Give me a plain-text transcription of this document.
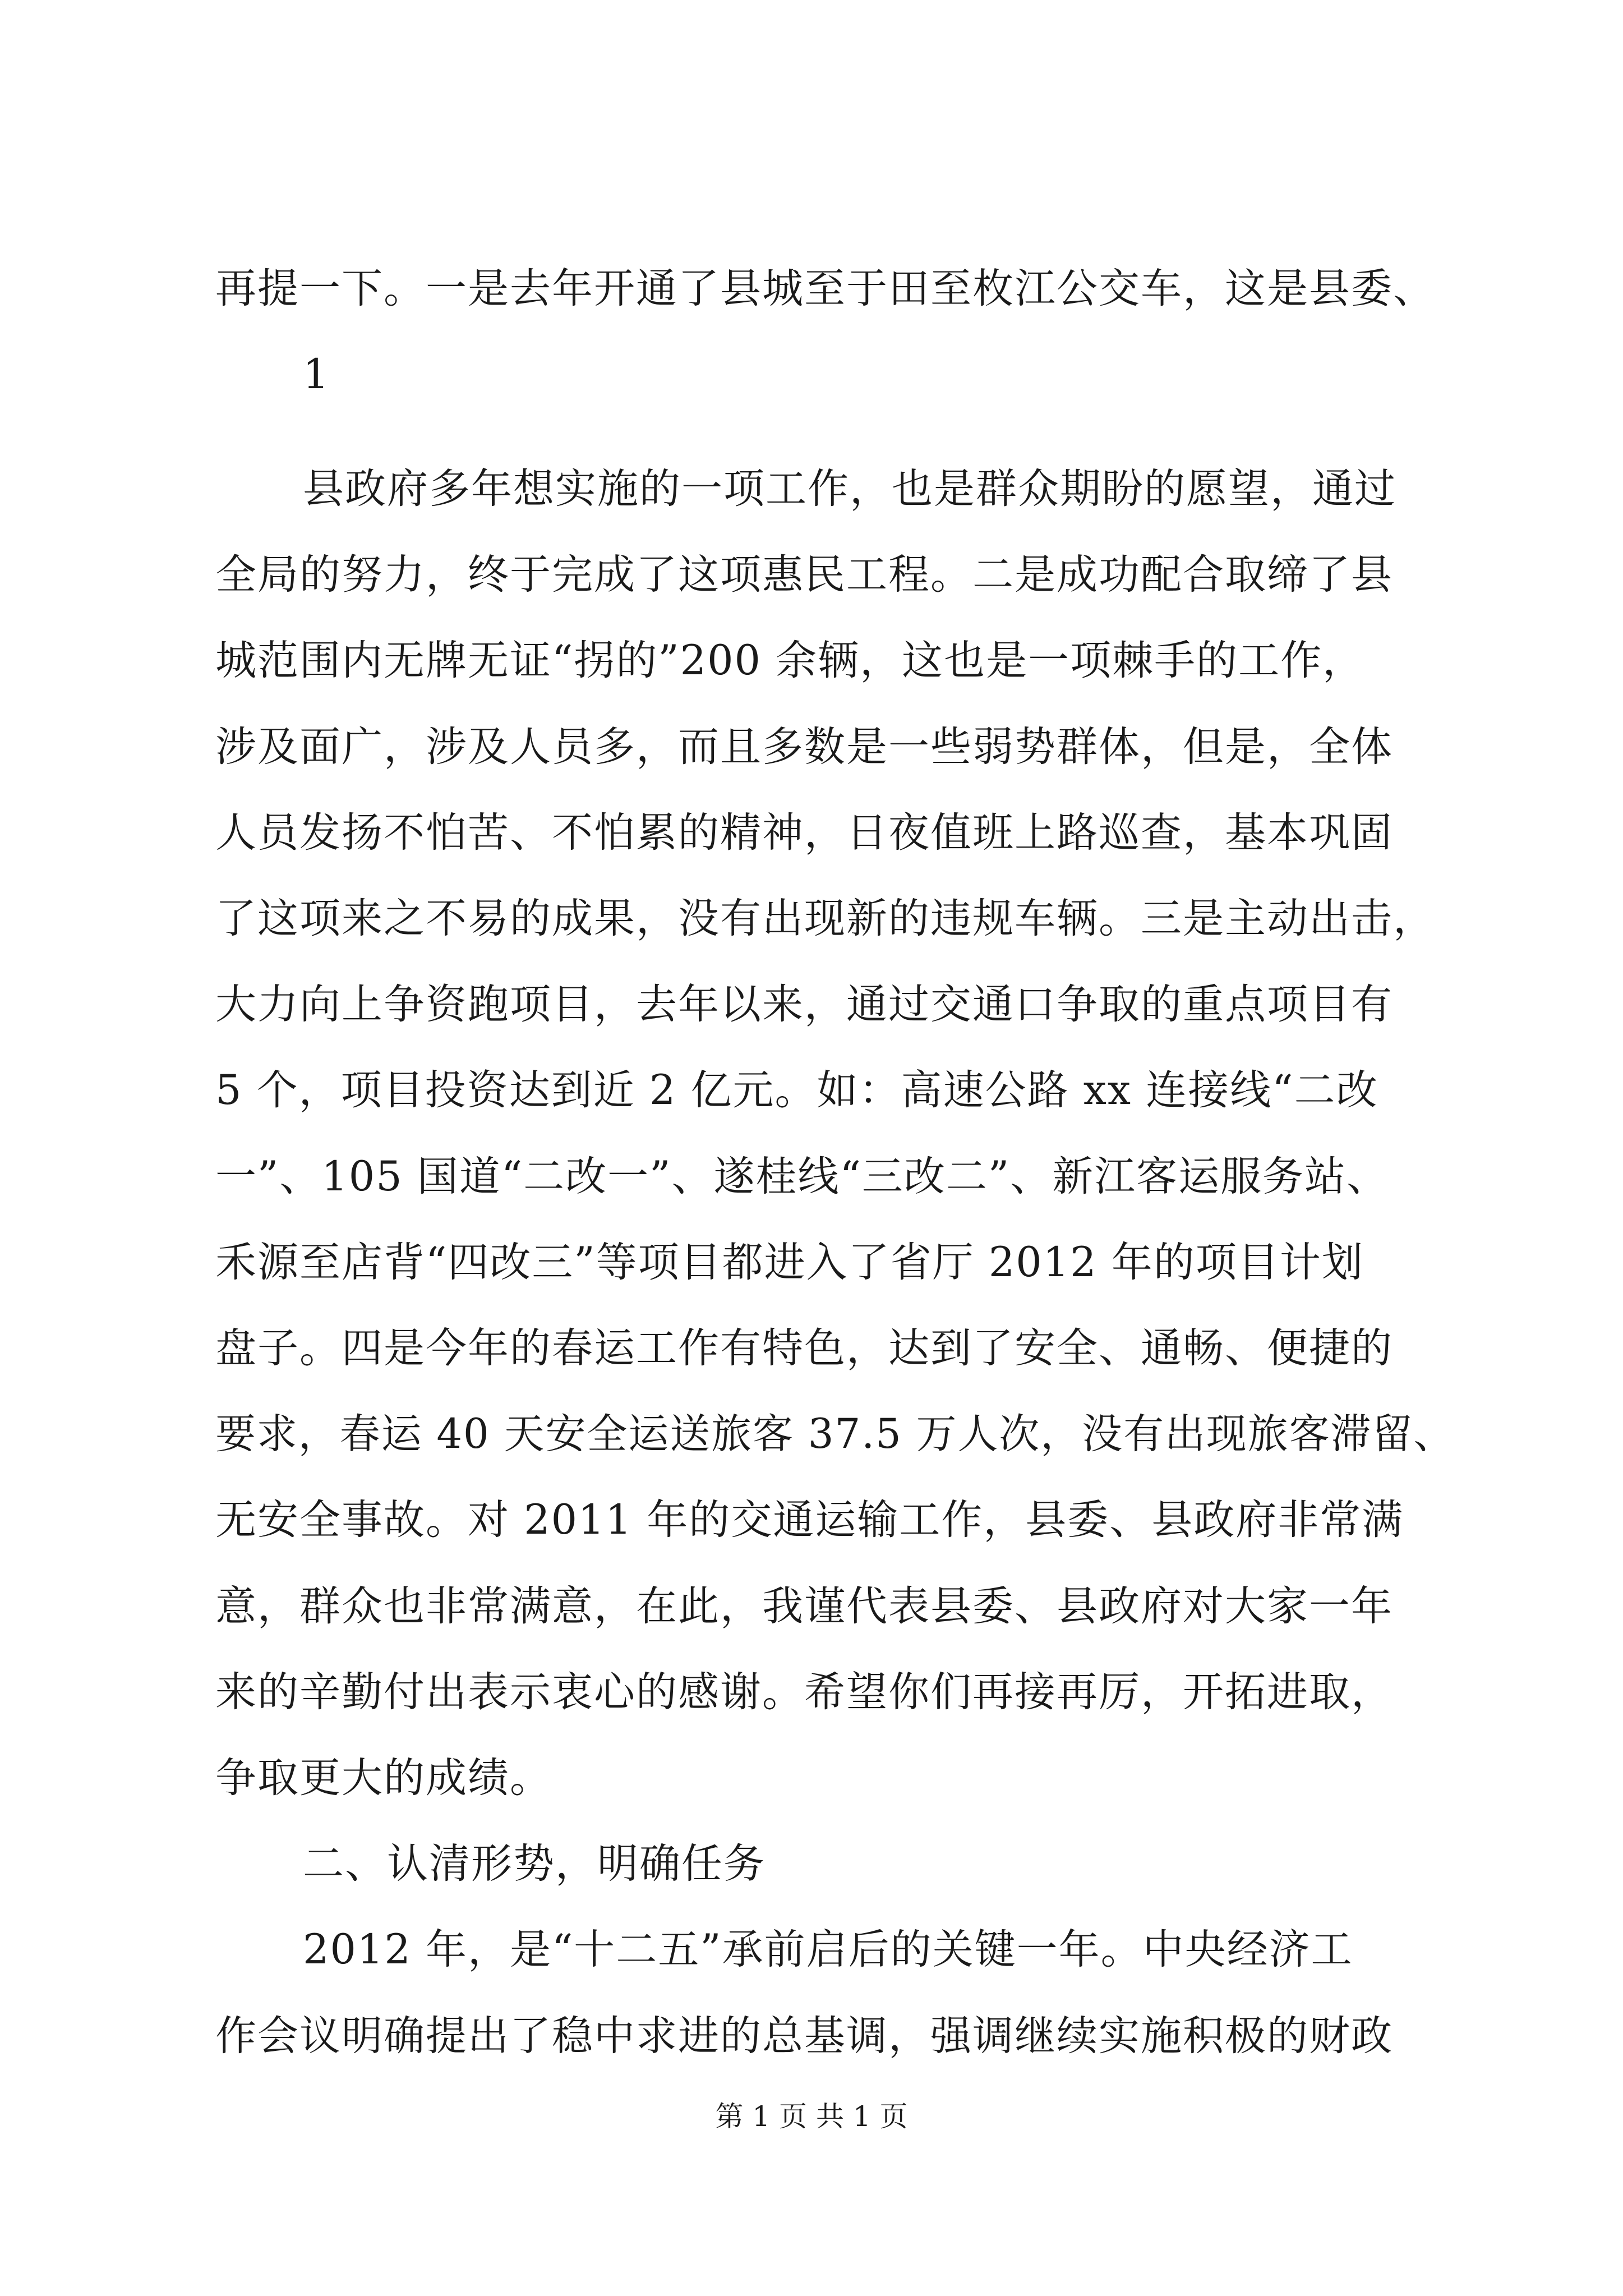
再提一下。一是去年开通了县城至于田至枚江公交车，这是县委、
1
县政府多年想实施的一项工作，也是群众期盼的愿望，通过
全局的努力，终于完成了这项惠民工程。二是成功配合取缔了县
城范围内无牌无证“拐的”200 余辆，这也是一项棘手的工作，
涉及面广，涉及人员多，而且多数是一些弱势群体，但是，全体
人员发扬不怕苦、不怕累的精神，日夜值班上路巡查，基本巩固
了这项来之不易的成果，没有出现新的违规车辆。三是主动出击，
大力向上争资跑项目，去年以来，通过交通口争取的重点项目有
5 个，项目投资达到近 2 亿元。如：高速公路 xx 连接线“二改
一”、105 国道“二改一”、遂桂线“三改二”、新江客运服务站、
禾源至店背“四改三”等项目都进入了省厅 2012 年的项目计划
盘子。四是今年的春运工作有特色，达到了安全、通畅、便捷的
要求，春运 40 天安全运送旅客 37.5 万人次，没有出现旅客滞留、
无安全事故。对 2011 年的交通运输工作，县委、县政府非常满
意，群众也非常满意，在此，我谨代表县委、县政府对大家一年
来的辛勤付出表示衷心的感谢。希望你们再接再厉，开拓进取，
争取更大的成绩。
二、认清形势，明确任务
2012 年，是“十二五”承前启后的关键一年。中央经济工
作会议明确提出了稳中求进的总基调，强调继续实施积极的财政
第 1 页 共 1 页
